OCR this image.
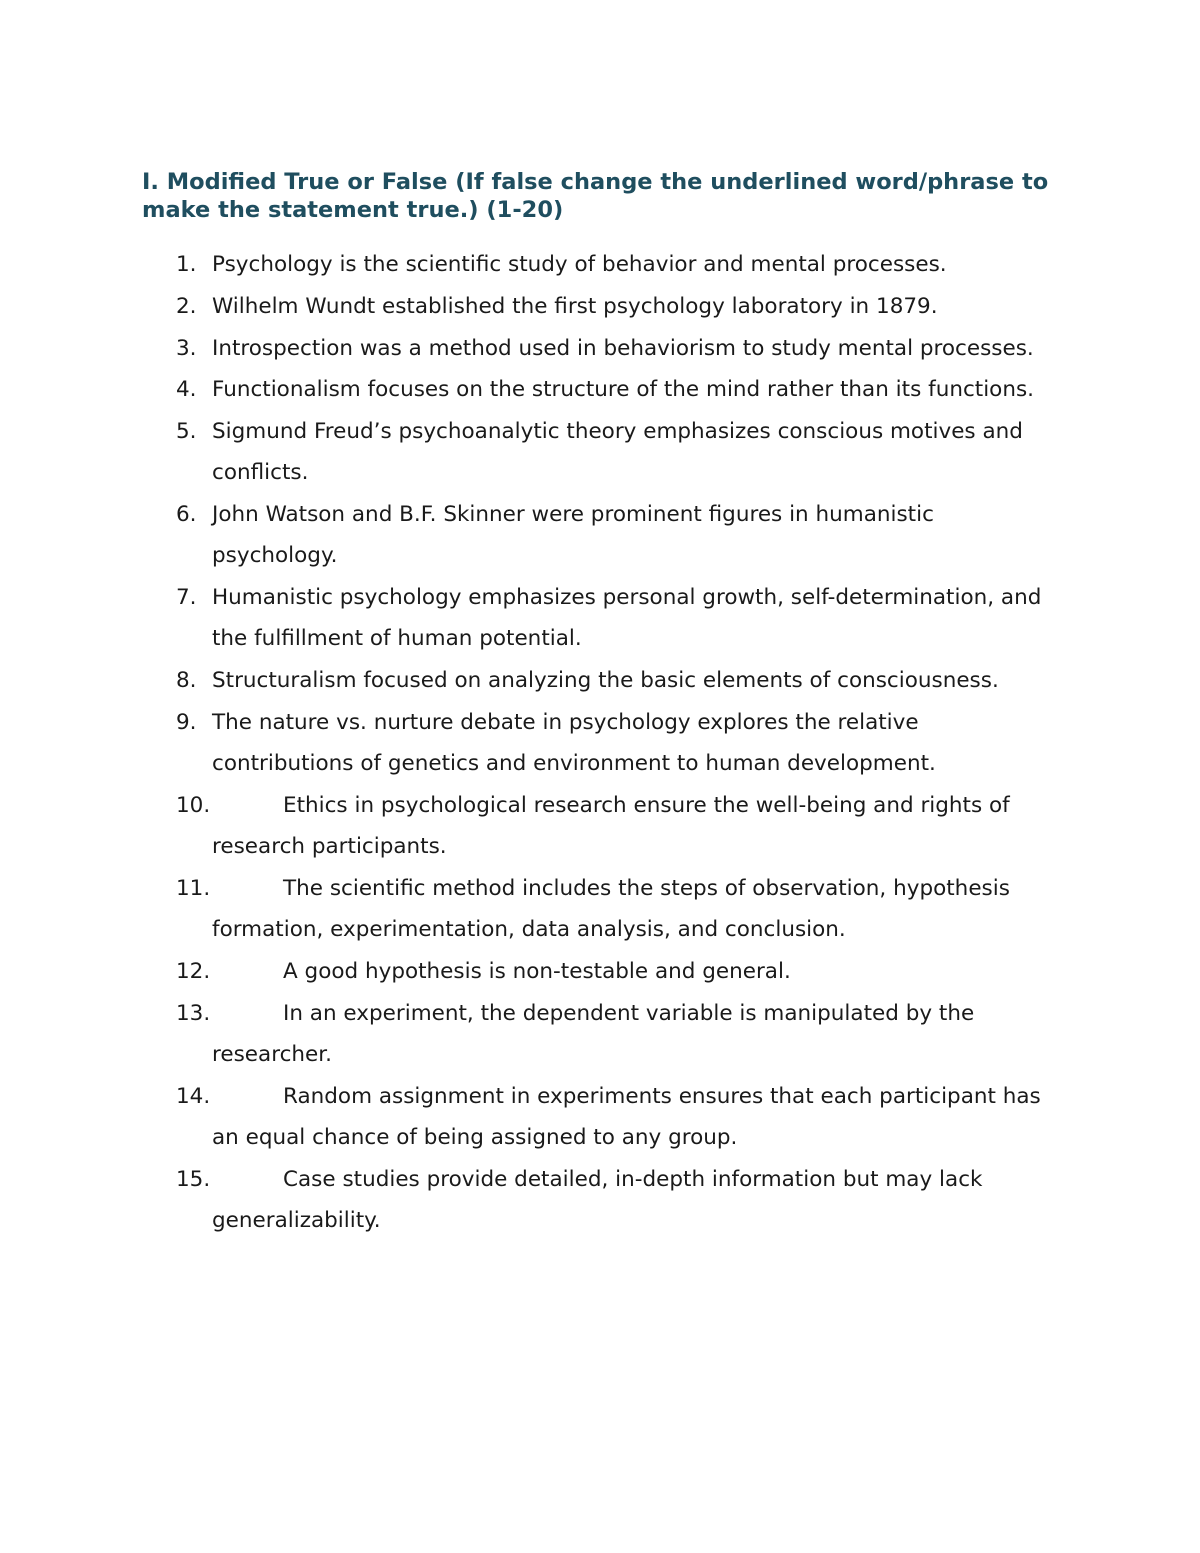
I. Modified True or False (If false change the underlined word/phrase to make the statement true.) (1-20)
1. Psychology is the scientific study of behavior and mental processes.
2. Wilhelm Wundt established the first psychology laboratory in 1879.
3. Introspection was a method used in behaviorism to study mental processes.
4. Functionalism focuses on the structure of the mind rather than its functions.
5. Sigmund Freud’s psychoanalytic theory emphasizes conscious motives and conflicts.
6. John Watson and B.F. Skinner were prominent figures in humanistic psychology.
7. Humanistic psychology emphasizes personal growth, self-determination, and the fulfillment of human potential.
8. Structuralism focused on analyzing the basic elements of consciousness.
9. The nature vs. nurture debate in psychology explores the relative contributions of genetics and environment to human development.
10.	Ethics in psychological research ensure the well-being and rights of research participants.
11.	The scientific method includes the steps of observation, hypothesis formation, experimentation, data analysis, and conclusion.
12.	A good hypothesis is non-testable and general.
13.	In an experiment, the dependent variable is manipulated by the researcher.
14.	Random assignment in experiments ensures that each participant has an equal chance of being assigned to any group.
15.	Case studies provide detailed, in-depth information but may lack generalizability.
